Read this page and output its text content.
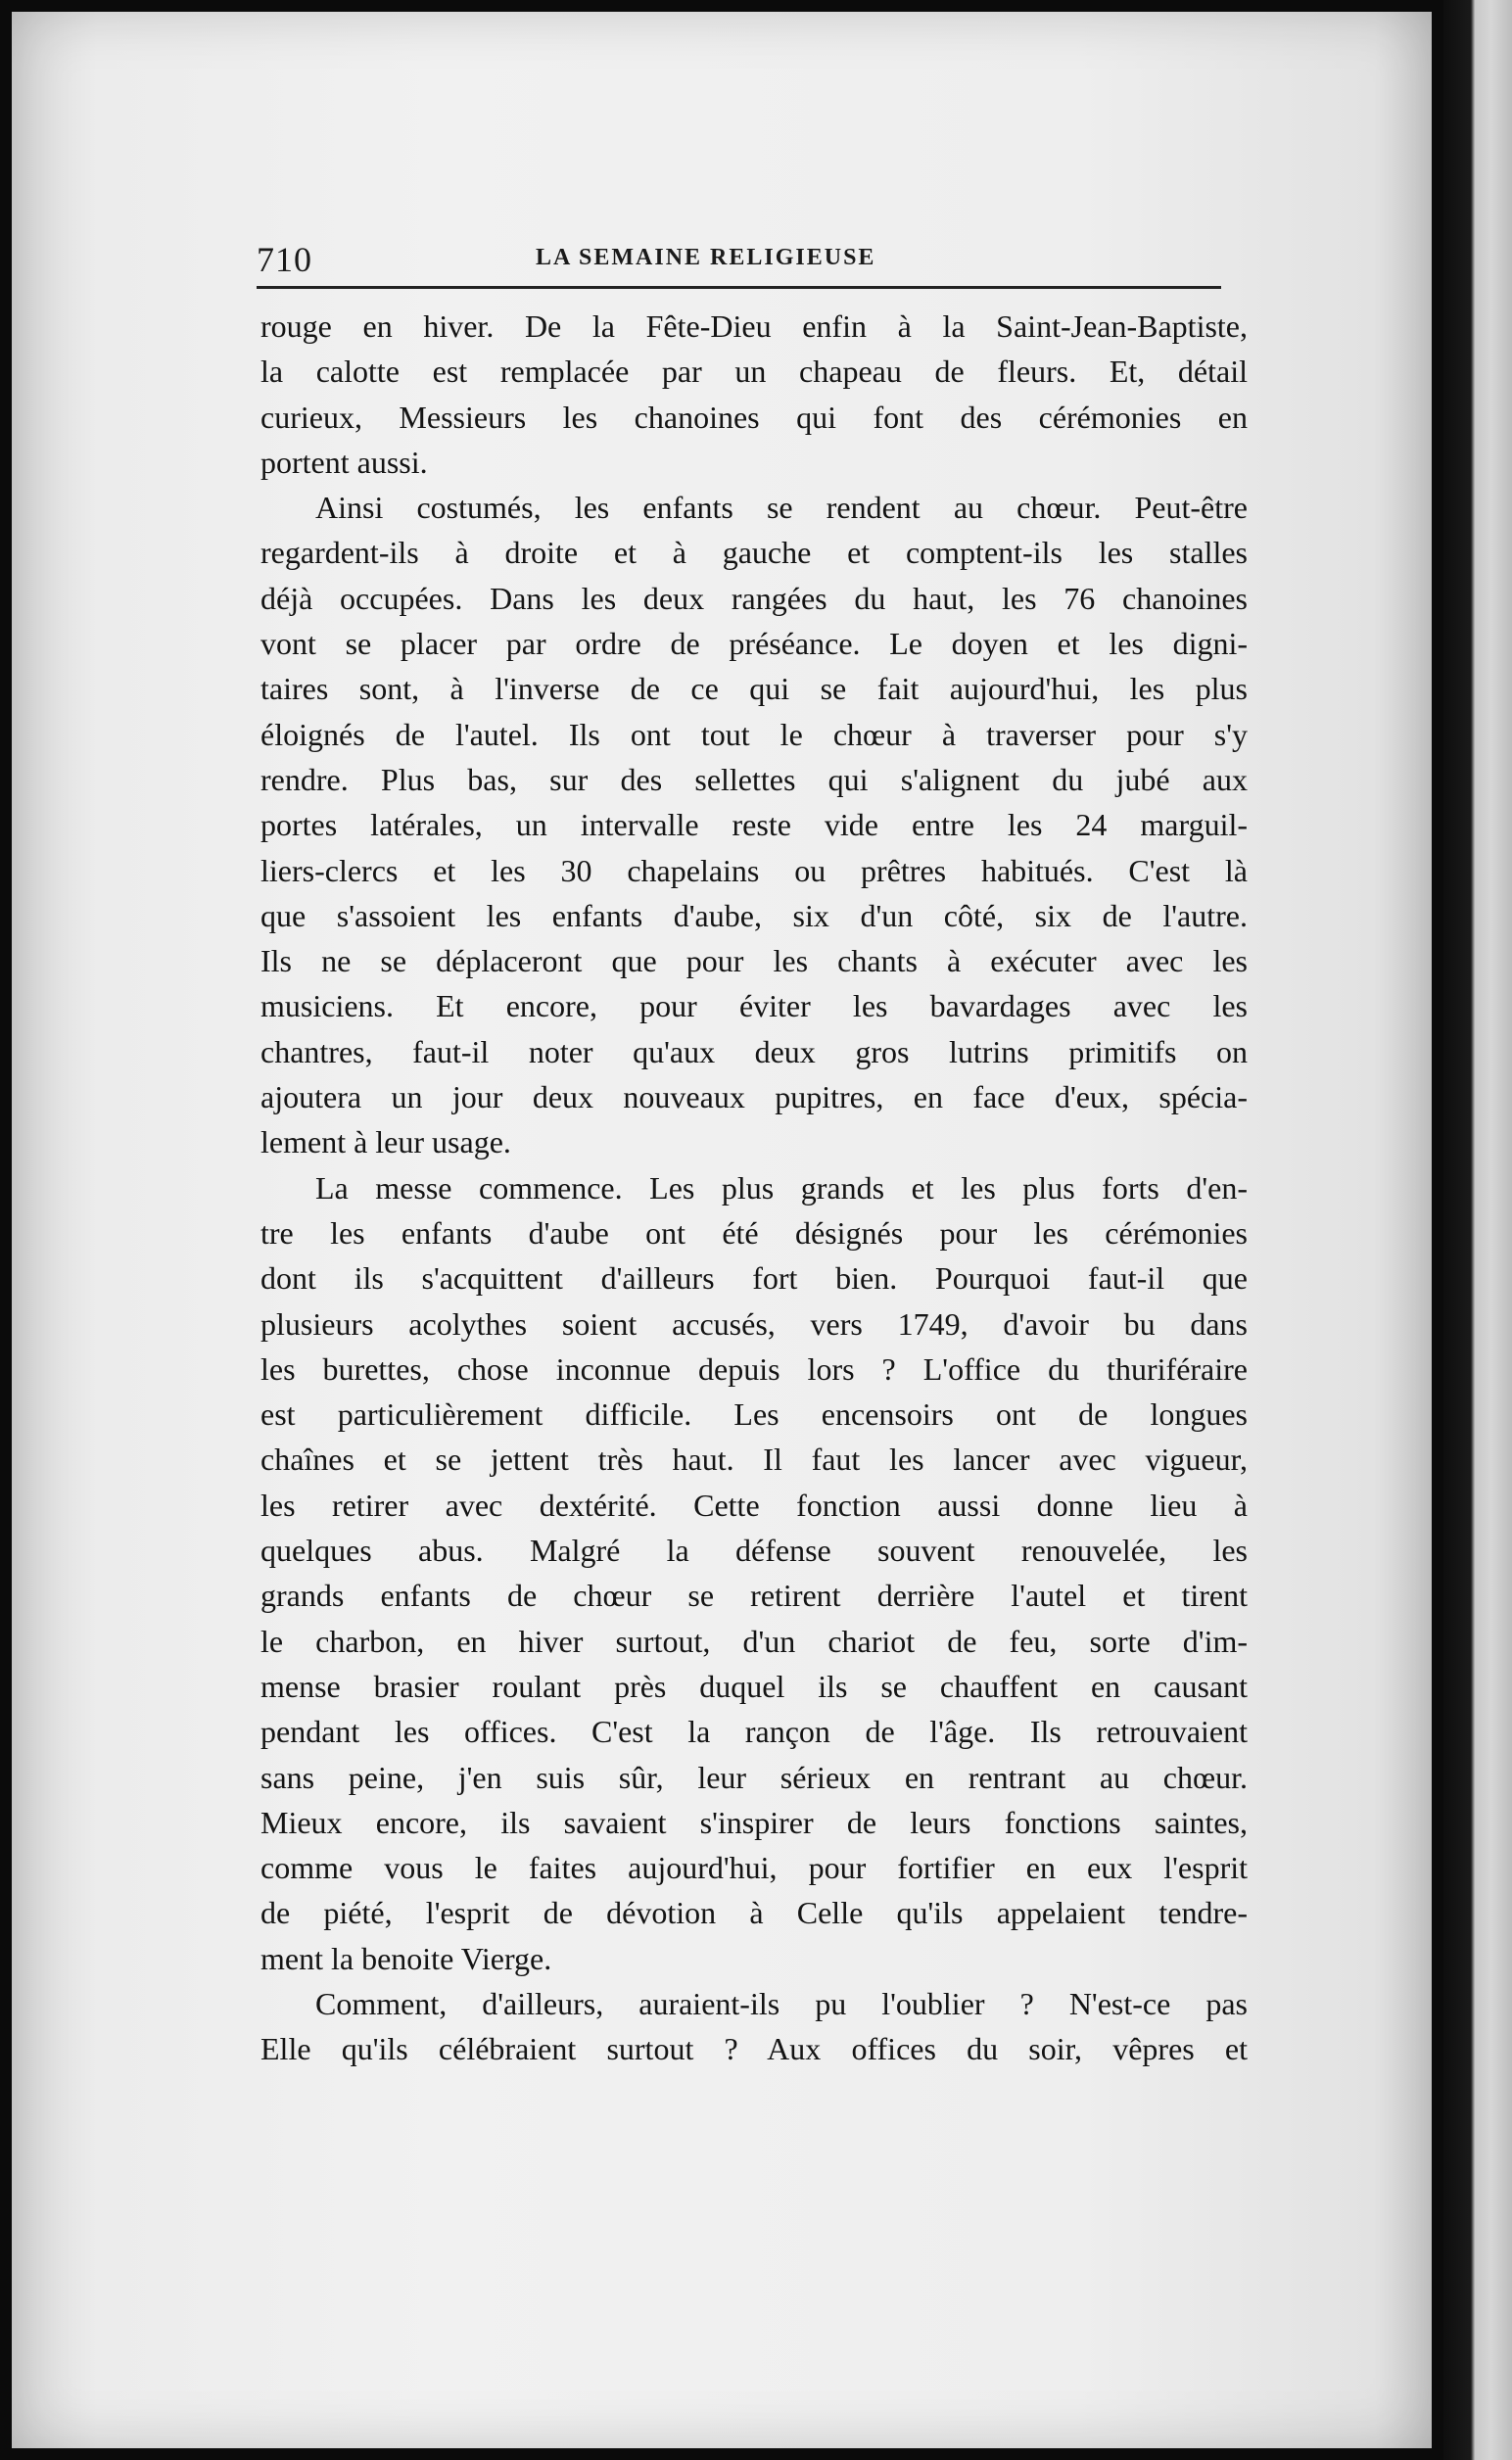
710	LA SEMAINE RELIGIEUSE
rouge en hiver. De la Fête-Dieu enfin à la Saint-Jean-Baptiste,
la calotte est remplacée par un chapeau de fleurs. Et, détail
curieux, Messieurs les chanoines qui font des cérémonies en
portent aussi.
Ainsi costumés, les enfants se rendent au chœur. Peut-être
regardent-ils à droite et à gauche et comptent-ils les stalles
déjà occupées. Dans les deux rangées du haut, les 76 chanoines
vont se placer par ordre de préséance. Le doyen et les digni-
taires sont, à l'inverse de ce qui se fait aujourd'hui, les plus
éloignés de l'autel. Ils ont tout le chœur à traverser pour s'y
rendre. Plus bas, sur des sellettes qui s'alignent du jubé aux
portes latérales, un intervalle reste vide entre les 24 marguil-
liers-clercs et les 30 chapelains ou prêtres habitués. C'est là
que s'assoient les enfants d'aube, six d'un côté, six de l'autre.
Ils ne se déplaceront que pour les chants à exécuter avec les
musiciens. Et encore, pour éviter les bavardages avec les
chantres, faut-il noter qu'aux deux gros lutrins primitifs on
ajoutera un jour deux nouveaux pupitres, en face d'eux, spécia-
lement à leur usage.
La messe commence. Les plus grands et les plus forts d'en-
tre les enfants d'aube ont été désignés pour les cérémonies
dont ils s'acquittent d'ailleurs fort bien. Pourquoi faut-il que
plusieurs acolythes soient accusés, vers 1749, d'avoir bu dans
les burettes, chose inconnue depuis lors ? L'office du thuriféraire
est particulièrement difficile. Les encensoirs ont de longues
chaînes et se jettent très haut. Il faut les lancer avec vigueur,
les retirer avec dextérité. Cette fonction aussi donne lieu à
quelques abus. Malgré la défense souvent renouvelée, les
grands enfants de chœur se retirent derrière l'autel et tirent
le charbon, en hiver surtout, d'un chariot de feu, sorte d'im-
mense brasier roulant près duquel ils se chauffent en causant
pendant les offices. C'est la rançon de l'âge. Ils retrouvaient
sans peine, j'en suis sûr, leur sérieux en rentrant au chœur.
Mieux encore, ils savaient s'inspirer de leurs fonctions saintes,
comme vous le faites aujourd'hui, pour fortifier en eux l'esprit
de piété, l'esprit de dévotion à Celle qu'ils appelaient tendre-
ment la benoite Vierge.
Comment, d'ailleurs, auraient-ils pu l'oublier ? N'est-ce pas
Elle qu'ils célébraient surtout ? Aux offices du soir, vêpres et
